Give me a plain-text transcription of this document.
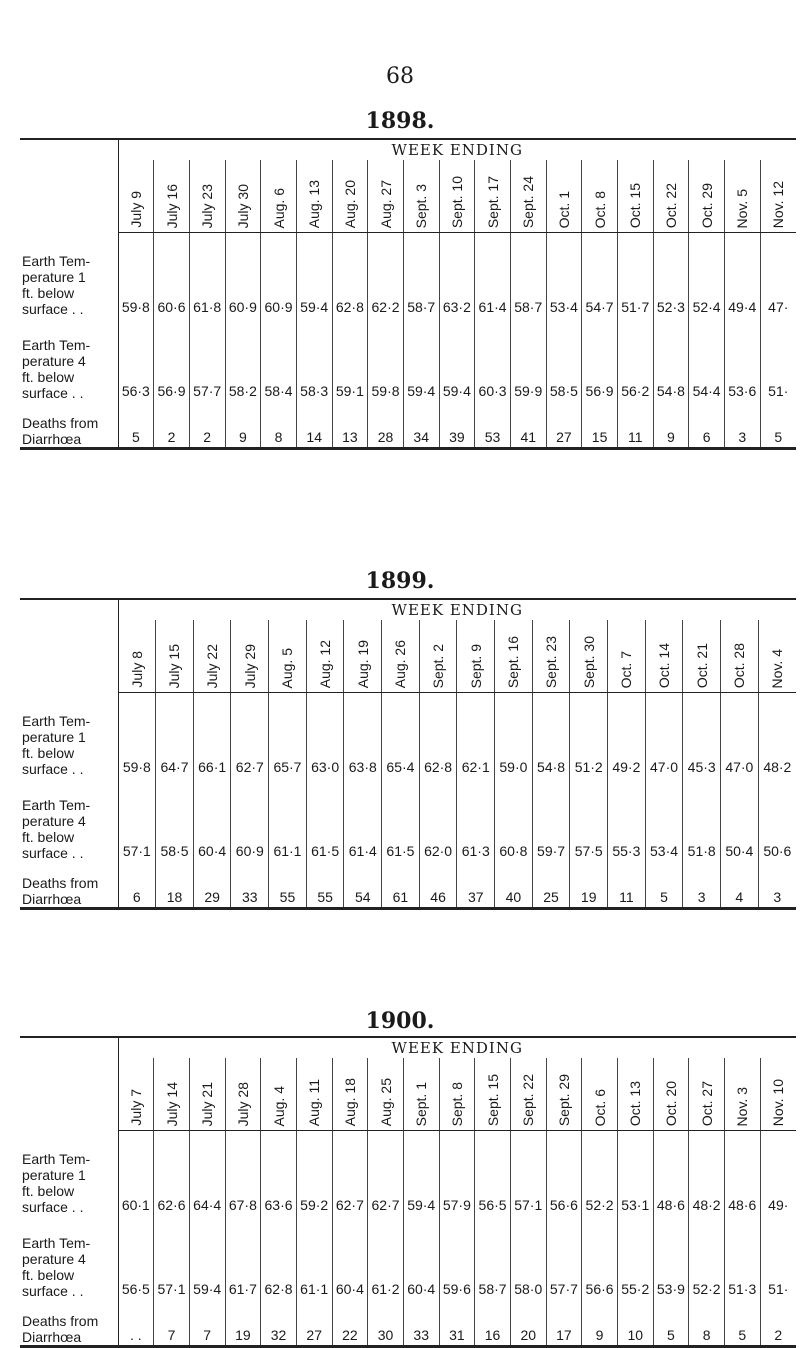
68
1898.
	WEEK ENDING																		

	July 9	July 16	July 23	July 30	Aug. 6	Aug. 13	Aug. 20	Aug. 27	Sept. 3	Sept. 10	Sept. 17	Sept. 24	Oct. 1	Oct. 8	Oct. 15	Oct. 22	Oct. 29	Nov. 5	Nov. 12

Earth Tem-
perature 1
ft. below
surface . .	59·8	60·6	61·8	60·9	60·9	59·4	62·8	62·2	58·7	63·2	61·4	58·7	53·4	54·7	51·7	52·3	52·4	49·4	47·
Earth Tem-
perature 4
ft. below
surface . .	56·3	56·9	57·7	58·2	58·4	58·3	59·1	59·8	59·4	59·4	60·3	59·9	58·5	56·9	56·2	54·8	54·4	53·6	51·
Deaths from
Diarrhœa	5	2	2	9	8	14	13	28	34	39	53	41	27	15	11	9	6	3	5
1899.
	WEEK ENDING																	

	July 8	July 15	July 22	July 29	Aug. 5	Aug. 12	Aug. 19	Aug. 26	Sept. 2	Sept. 9	Sept. 16	Sept. 23	Sept. 30	Oct. 7	Oct. 14	Oct. 21	Oct. 28	Nov. 4

Earth Tem-
perature 1
ft. below
surface . .	59·8	64·7	66·1	62·7	65·7	63·0	63·8	65·4	62·8	62·1	59·0	54·8	51·2	49·2	47·0	45·3	47·0	48·2
Earth Tem-
perature 4
ft. below
surface . .	57·1	58·5	60·4	60·9	61·1	61·5	61·4	61·5	62·0	61·3	60·8	59·7	57·5	55·3	53·4	51·8	50·4	50·6
Deaths from
Diarrhœa	6	18	29	33	55	55	54	61	46	37	40	25	19	11	5	3	4	3
1900.
	WEEK ENDING																		

	July 7	July 14	July 21	July 28	Aug. 4	Aug. 11	Aug. 18	Aug. 25	Sept. 1	Sept. 8	Sept. 15	Sept. 22	Sept. 29	Oct. 6	Oct. 13	Oct. 20	Oct. 27	Nov. 3	Nov. 10

Earth Tem-
perature 1
ft. below
surface . .	60·1	62·6	64·4	67·8	63·6	59·2	62·7	62·7	59·4	57·9	56·5	57·1	56·6	52·2	53·1	48·6	48·2	48·6	49·
Earth Tem-
perature 4
ft. below
surface . .	56·5	57·1	59·4	61·7	62·8	61·1	60·4	61·2	60·4	59·6	58·7	58·0	57·7	56·6	55·2	53·9	52·2	51·3	51·
Deaths from
Diarrhœa	. .	7	7	19	32	27	22	30	33	31	16	20	17	9	10	5	8	5	2
